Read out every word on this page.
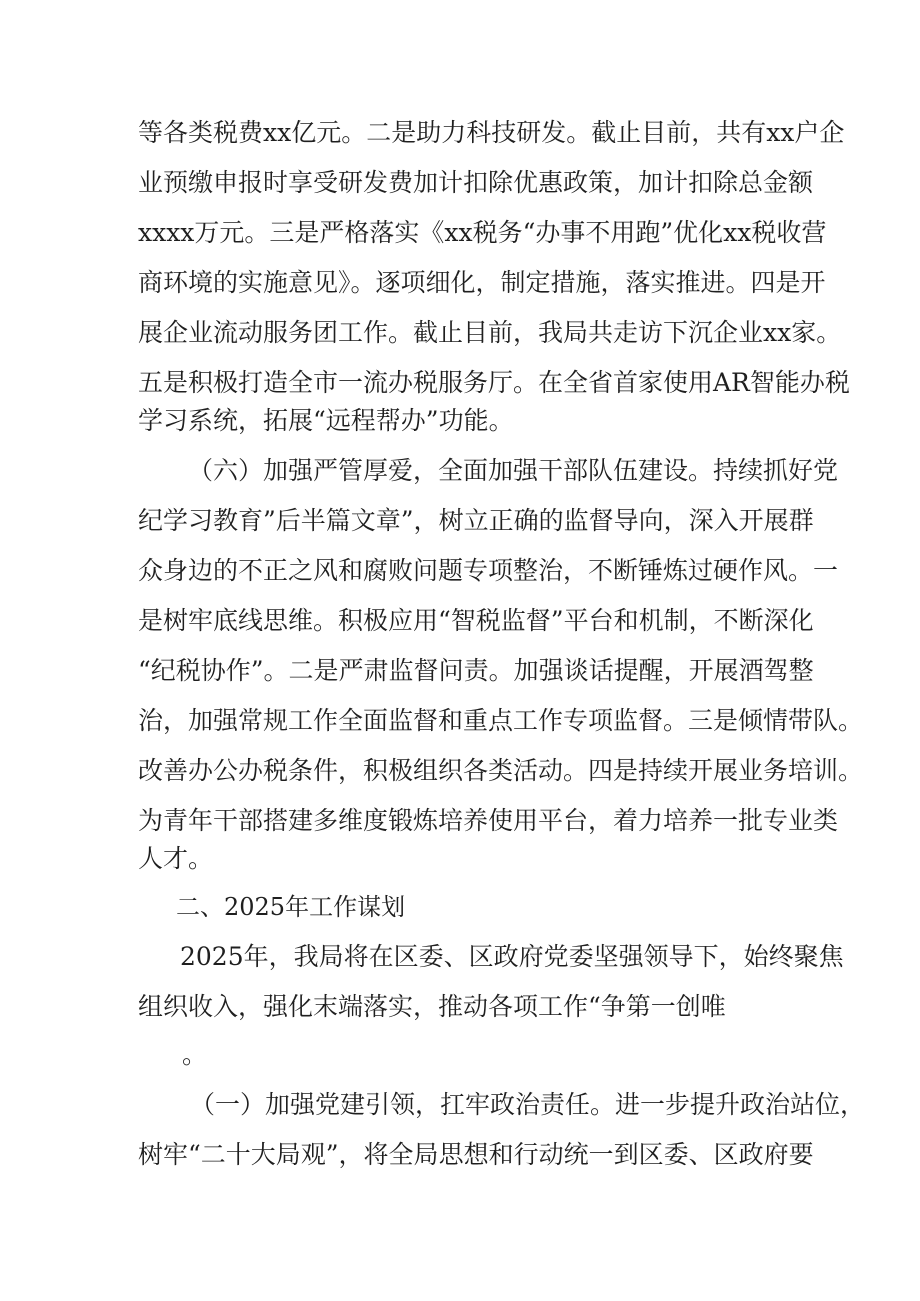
等各类税费xx亿元。二是助力科技研发。截止目前，共有xx户企
业预缴申报时享受研发费加计扣除优惠政策，加计扣除总金额
xxxx万元。三是严格落实《xx税务“办事不用跑”优化xx税收营
商环境的实施意见》。逐项细化，制定措施，落实推进。四是开
展企业流动服务团工作。截止目前，我局共走访下沉企业xx家。
五是积极打造全市一流办税服务厅。在全省首家使用AR智能办税
学习系统，拓展“远程帮办”功能。
（六）加强严管厚爱，全面加强干部队伍建设。持续抓好党
纪学习教育”后半篇文章”，树立正确的监督导向，深入开展群
众身边的不正之风和腐败问题专项整治，不断锤炼过硬作风。一
是树牢底线思维。积极应用“智税监督”平台和机制，不断深化
“纪税协作”。二是严肃监督问责。加强谈话提醒，开展酒驾整
治，加强常规工作全面监督和重点工作专项监督。三是倾情带队。
改善办公办税条件，积极组织各类活动。四是持续开展业务培训。
为青年干部搭建多维度锻炼培养使用平台，着力培养一批专业类
人才。
二、2025年工作谋划
2025年，我局将在区委、区政府党委坚强领导下，始终聚焦
组织收入，强化末端落实，推动各项工作“争第一创唯
。
（一）加强党建引领，扛牢政治责任。进一步提升政治站位，
树牢“二十大局观”，将全局思想和行动统一到区委、区政府要
